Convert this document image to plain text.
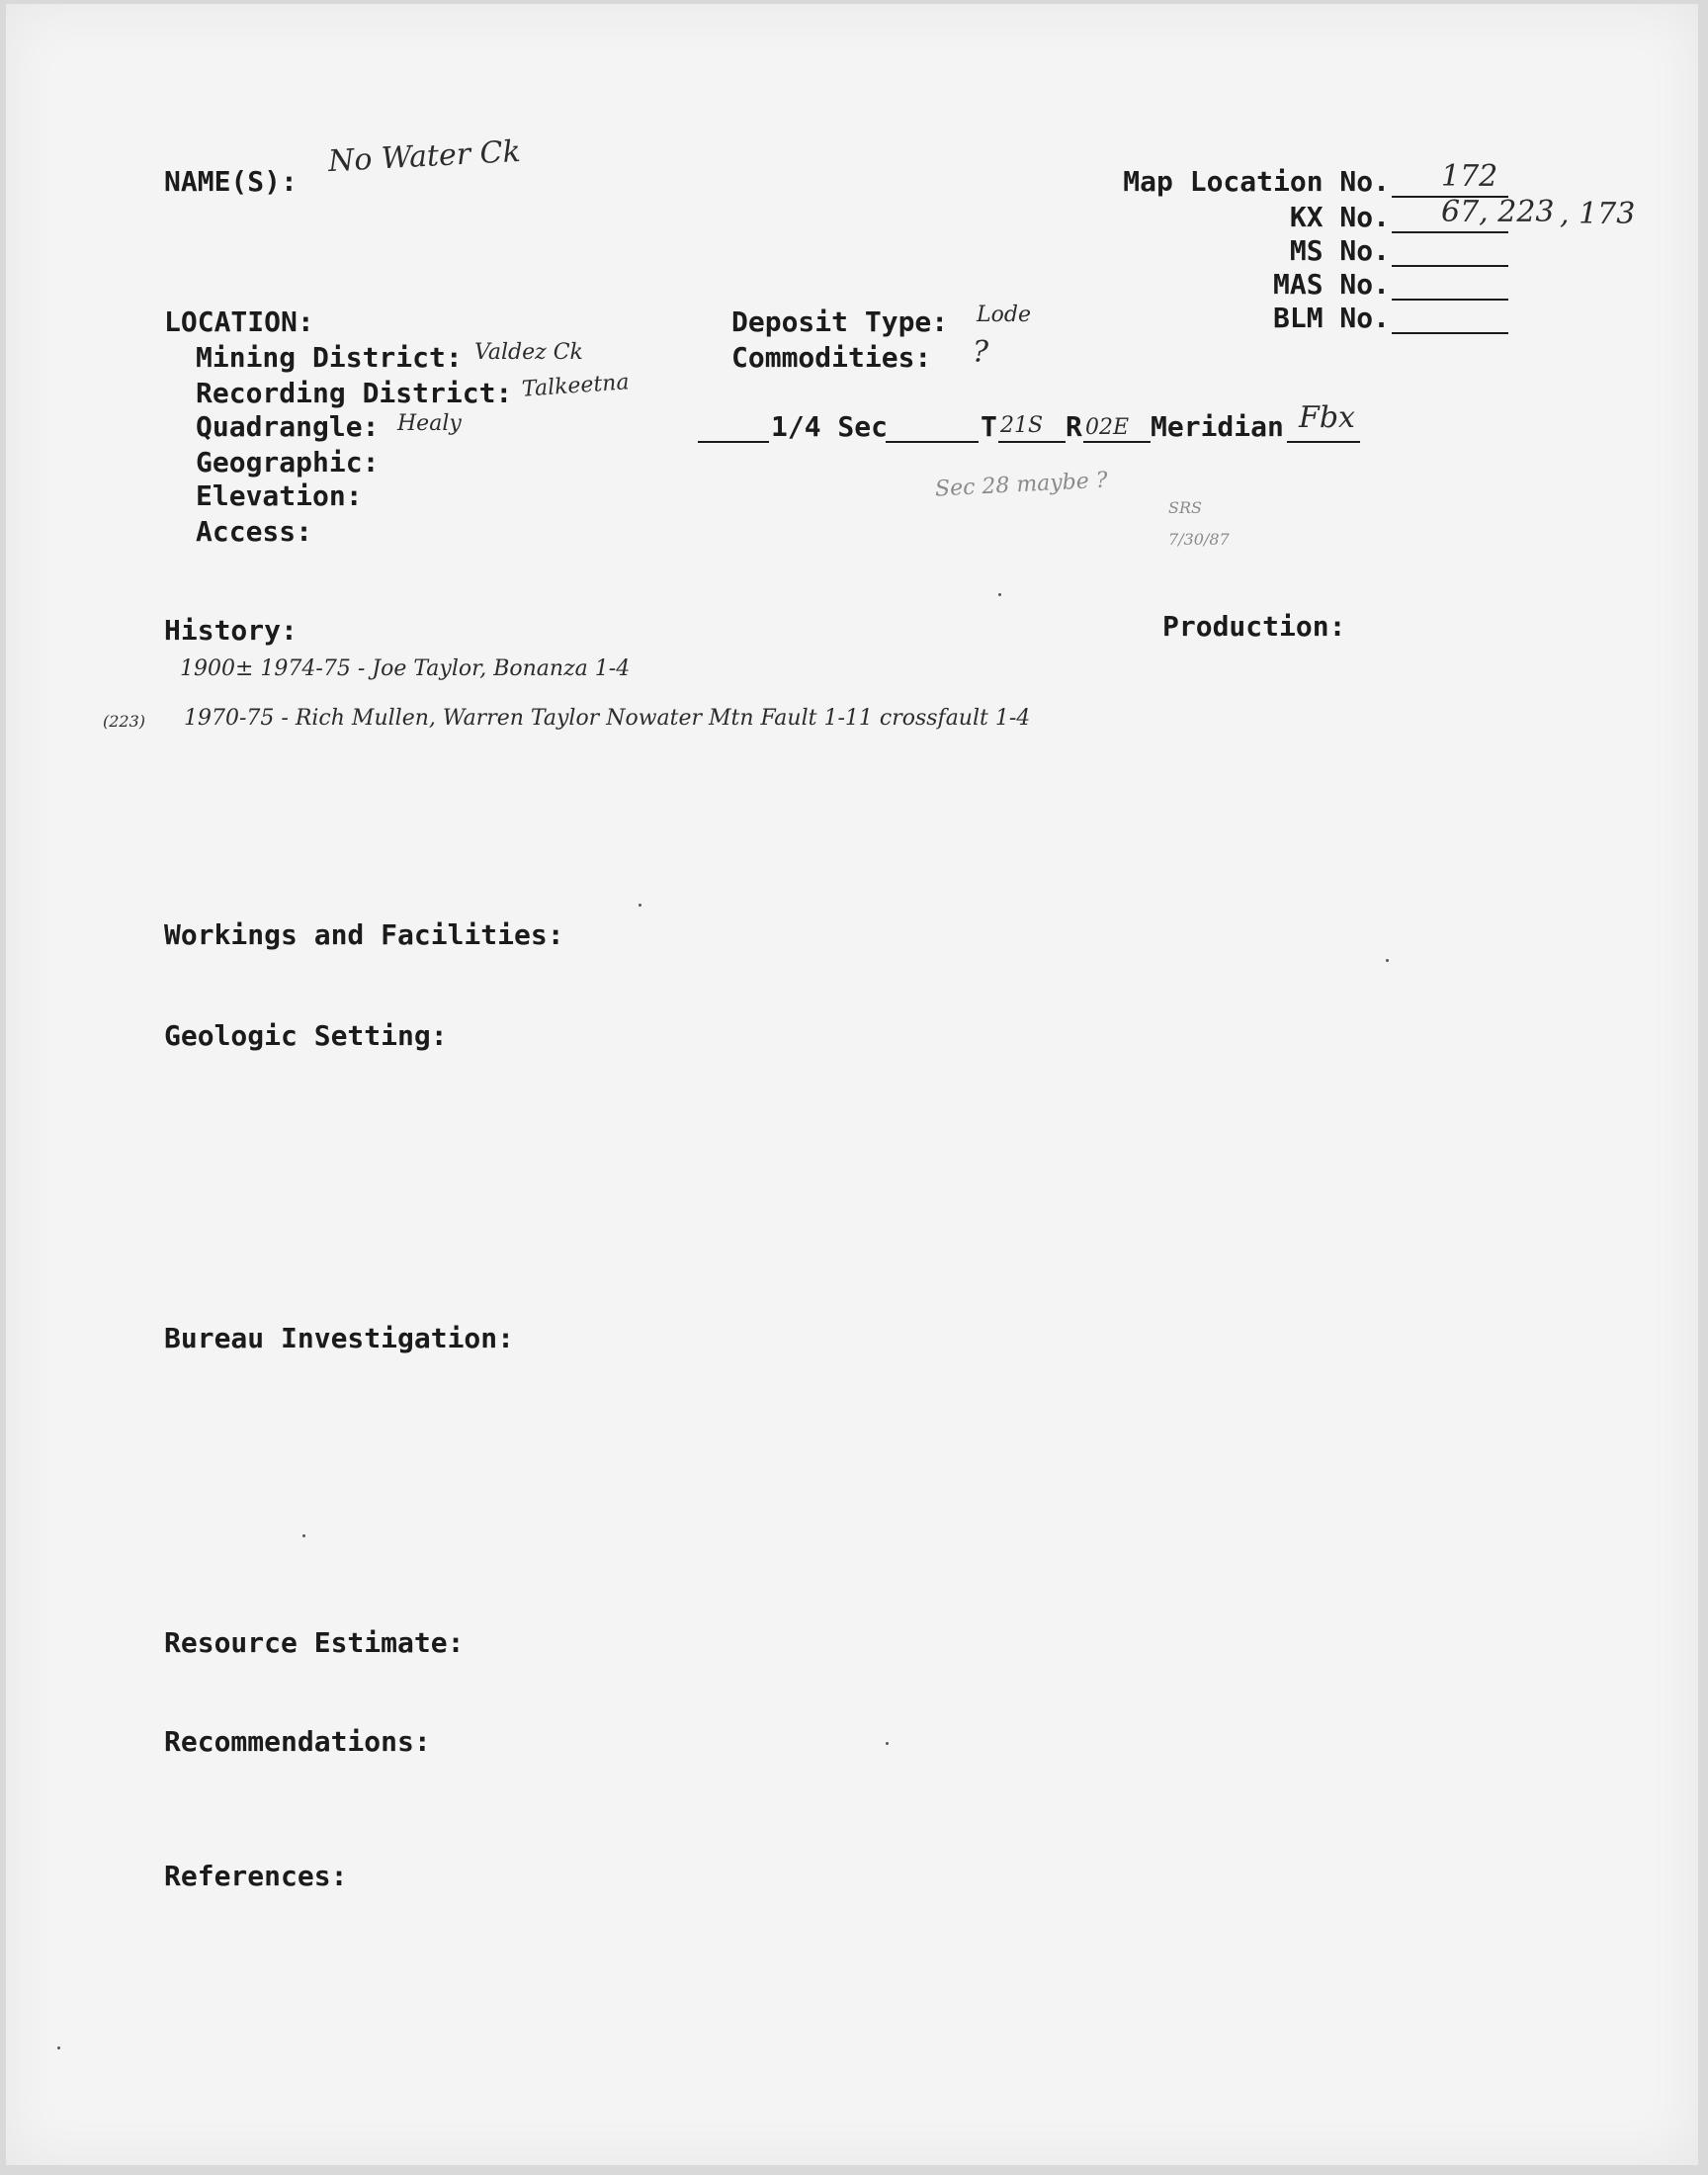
NAME(S):
No Water Ck
Map Location No. 172
KX No. 67, 223 , 173
MS No.
MAS No.
BLM No.
LOCATION:
Mining District: Valdez Ck
Recording District: Talkeetna
Quadrangle: Healy
Geographic:
Elevation:
Access:
Deposit Type: Lode
Commodities: ?
1/4 Sec	T 21S R 02E Meridian Fbx
Sec 28 maybe ?
SRS
7/30/87
History:	Production:
1900± 1974-75 - Joe Taylor, Bonanza 1-4
(223) 1970-75 - Rich Mullen, Warren Taylor Nowater Mtn Fault 1-11 crossfault 1-4
Workings and Facilities:
Geologic Setting:
Bureau Investigation:
Resource Estimate:
Recommendations:
References:
